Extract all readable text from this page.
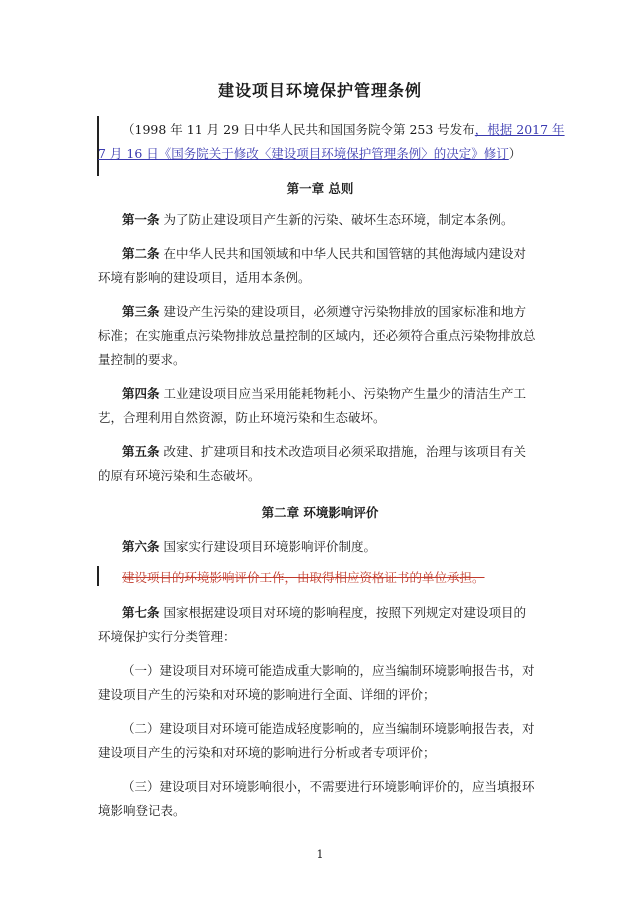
建设项目环境保护管理条例
（1998 年 11 月 29 日中华人民共和国国务院令第 253 号发布，根据 2017 年
7 月 16 日《国务院关于修改〈建设项目环境保护管理条例〉的决定》修订）
第一章 总则
第一条 为了防止建设项目产生新的污染、破坏生态环境，制定本条例。
第二条 在中华人民共和国领域和中华人民共和国管辖的其他海域内建设对
环境有影响的建设项目，适用本条例。
第三条 建设产生污染的建设项目，必须遵守污染物排放的国家标准和地方
标准；在实施重点污染物排放总量控制的区域内，还必须符合重点污染物排放总
量控制的要求。
第四条 工业建设项目应当采用能耗物耗小、污染物产生量少的清洁生产工
艺，合理利用自然资源，防止环境污染和生态破坏。
第五条 改建、扩建项目和技术改造项目必须采取措施，治理与该项目有关
的原有环境污染和生态破坏。
第二章 环境影响评价
第六条 国家实行建设项目环境影响评价制度。
建设项目的环境影响评价工作，由取得相应资格证书的单位承担。
第七条 国家根据建设项目对环境的影响程度，按照下列规定对建设项目的
环境保护实行分类管理：
（一）建设项目对环境可能造成重大影响的，应当编制环境影响报告书，对
建设项目产生的污染和对环境的影响进行全面、详细的评价；
（二）建设项目对环境可能造成轻度影响的，应当编制环境影响报告表，对
建设项目产生的污染和对环境的影响进行分析或者专项评价；
（三）建设项目对环境影响很小，不需要进行环境影响评价的，应当填报环
境影响登记表。
1
